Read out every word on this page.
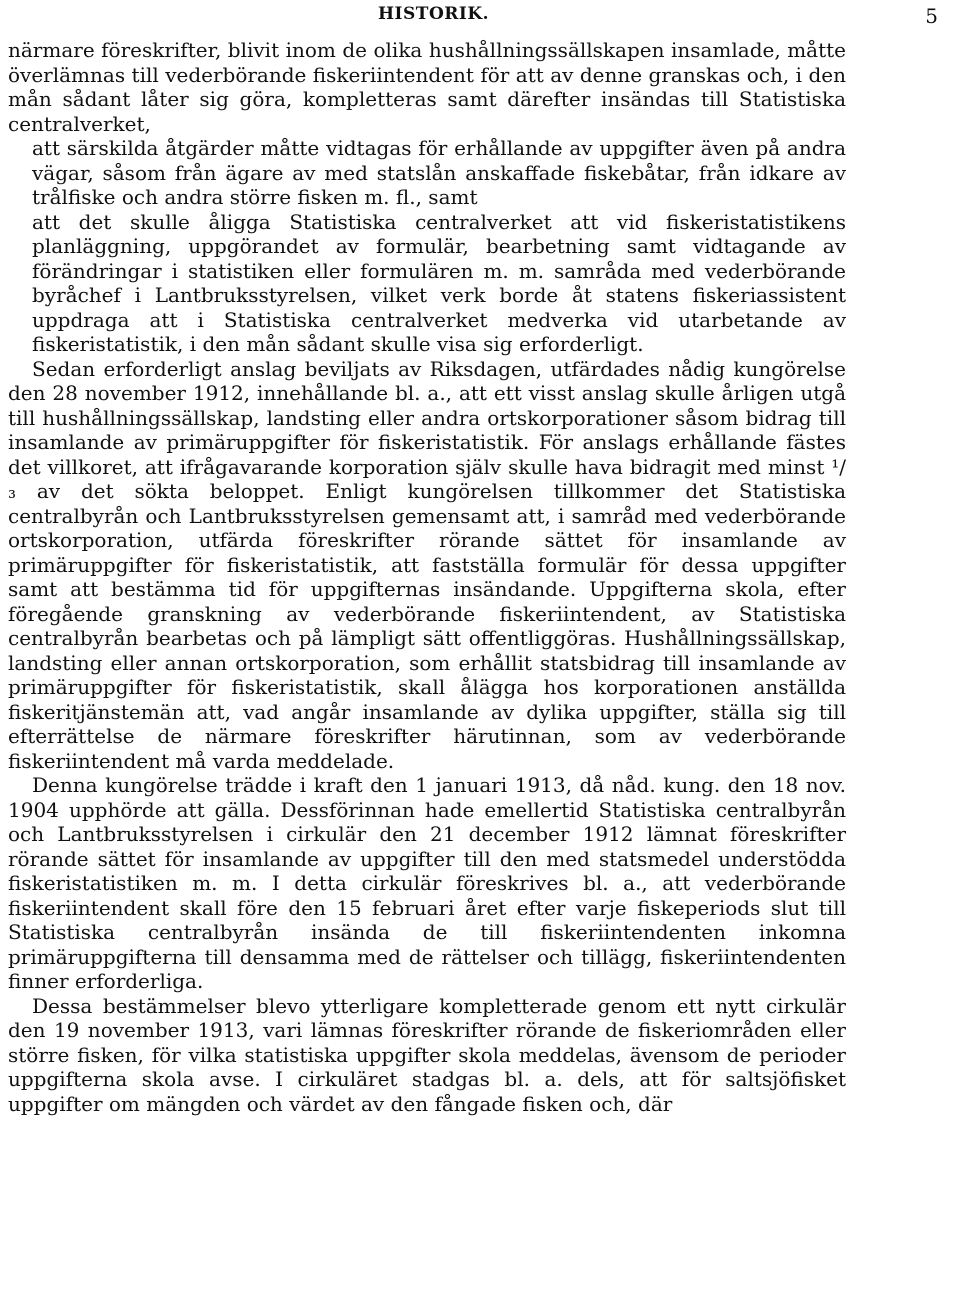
HISTORIK.	5

närmare föreskrifter, blivit inom de olika hushållningssällskapen insamlade, måtte överlämnas till vederbörande fiskeriintendent för att av denne granskas och, i den mån sådant låter sig göra, kompletteras samt därefter insändas till Statistiska centralverket,

att särskilda åtgärder måtte vidtagas för erhållande av uppgifter även på andra vägar, såsom från ägare av med statslån anskaffade fiskebåtar, från idkare av trålfiske och andra större fisken m. fl., samt

att det skulle åligga Statistiska centralverket att vid fiskeristatistikens planläggning, uppgörandet av formulär, bearbetning samt vidtagande av förändringar i statistiken eller formulären m. m. samråda med vederbörande byråchef i Lantbruksstyrelsen, vilket verk borde åt statens fiskeriassistent uppdraga att i Statistiska centralverket medverka vid utarbetande av fiskeristatistik, i den mån sådant skulle visa sig erforderligt.

Sedan erforderligt anslag beviljats av Riksdagen, utfärdades nådig kungörelse den 28 november 1912, innehållande bl. a., att ett visst anslag skulle årligen utgå till hushållningssällskap, landsting eller andra ortskorporationer såsom bidrag till insamlande av primäruppgifter för fiskeristatistik. För anslags erhållande fästes det villkoret, att ifrågavarande korporation själv skulle hava bidragit med minst ¹/₃ av det sökta beloppet. Enligt kungörelsen tillkommer det Statistiska centralbyrån och Lantbruksstyrelsen gemensamt att, i samråd med vederbörande ortskorporation, utfärda föreskrifter rörande sättet för insamlande av primäruppgifter för fiskeristatistik, att fastställa formulär för dessa uppgifter samt att bestämma tid för uppgifternas insändande. Uppgifterna skola, efter föregående granskning av vederbörande fiskeriintendent, av Statistiska centralbyrån bearbetas och på lämpligt sätt offentliggöras. Hushållningssällskap, landsting eller annan ortskorporation, som erhållit statsbidrag till insamlande av primäruppgifter för fiskeristatistik, skall ålägga hos korporationen anställda fiskeritjänstemän att, vad angår insamlande av dylika uppgifter, ställa sig till efterrättelse de närmare föreskrifter härutinnan, som av vederbörande fiskeriintendent må varda meddelade.

Denna kungörelse trädde i kraft den 1 januari 1913, då nåd. kung. den 18 nov. 1904 upphörde att gälla. Dessförinnan hade emellertid Statistiska centralbyrån och Lantbruksstyrelsen i cirkulär den 21 december 1912 lämnat föreskrifter rörande sättet för insamlande av uppgifter till den med statsmedel understödda fiskeristatistiken m. m. I detta cirkulär föreskrives bl. a., att vederbörande fiskeriintendent skall före den 15 februari året efter varje fiskeperiods slut till Statistiska centralbyrån insända de till fiskeriintendenten inkomna primäruppgifterna till densamma med de rättelser och tillägg, fiskeriintendenten finner erforderliga.

Dessa bestämmelser blevo ytterligare kompletterade genom ett nytt cirkulär den 19 november 1913, vari lämnas föreskrifter rörande de fiskeriområden eller större fisken, för vilka statistiska uppgifter skola meddelas, ävensom de perioder uppgifterna skola avse. I cirkuläret stadgas bl. a. dels, att för saltsjöfisket uppgifter om mängden och värdet av den fångade fisken och, där
